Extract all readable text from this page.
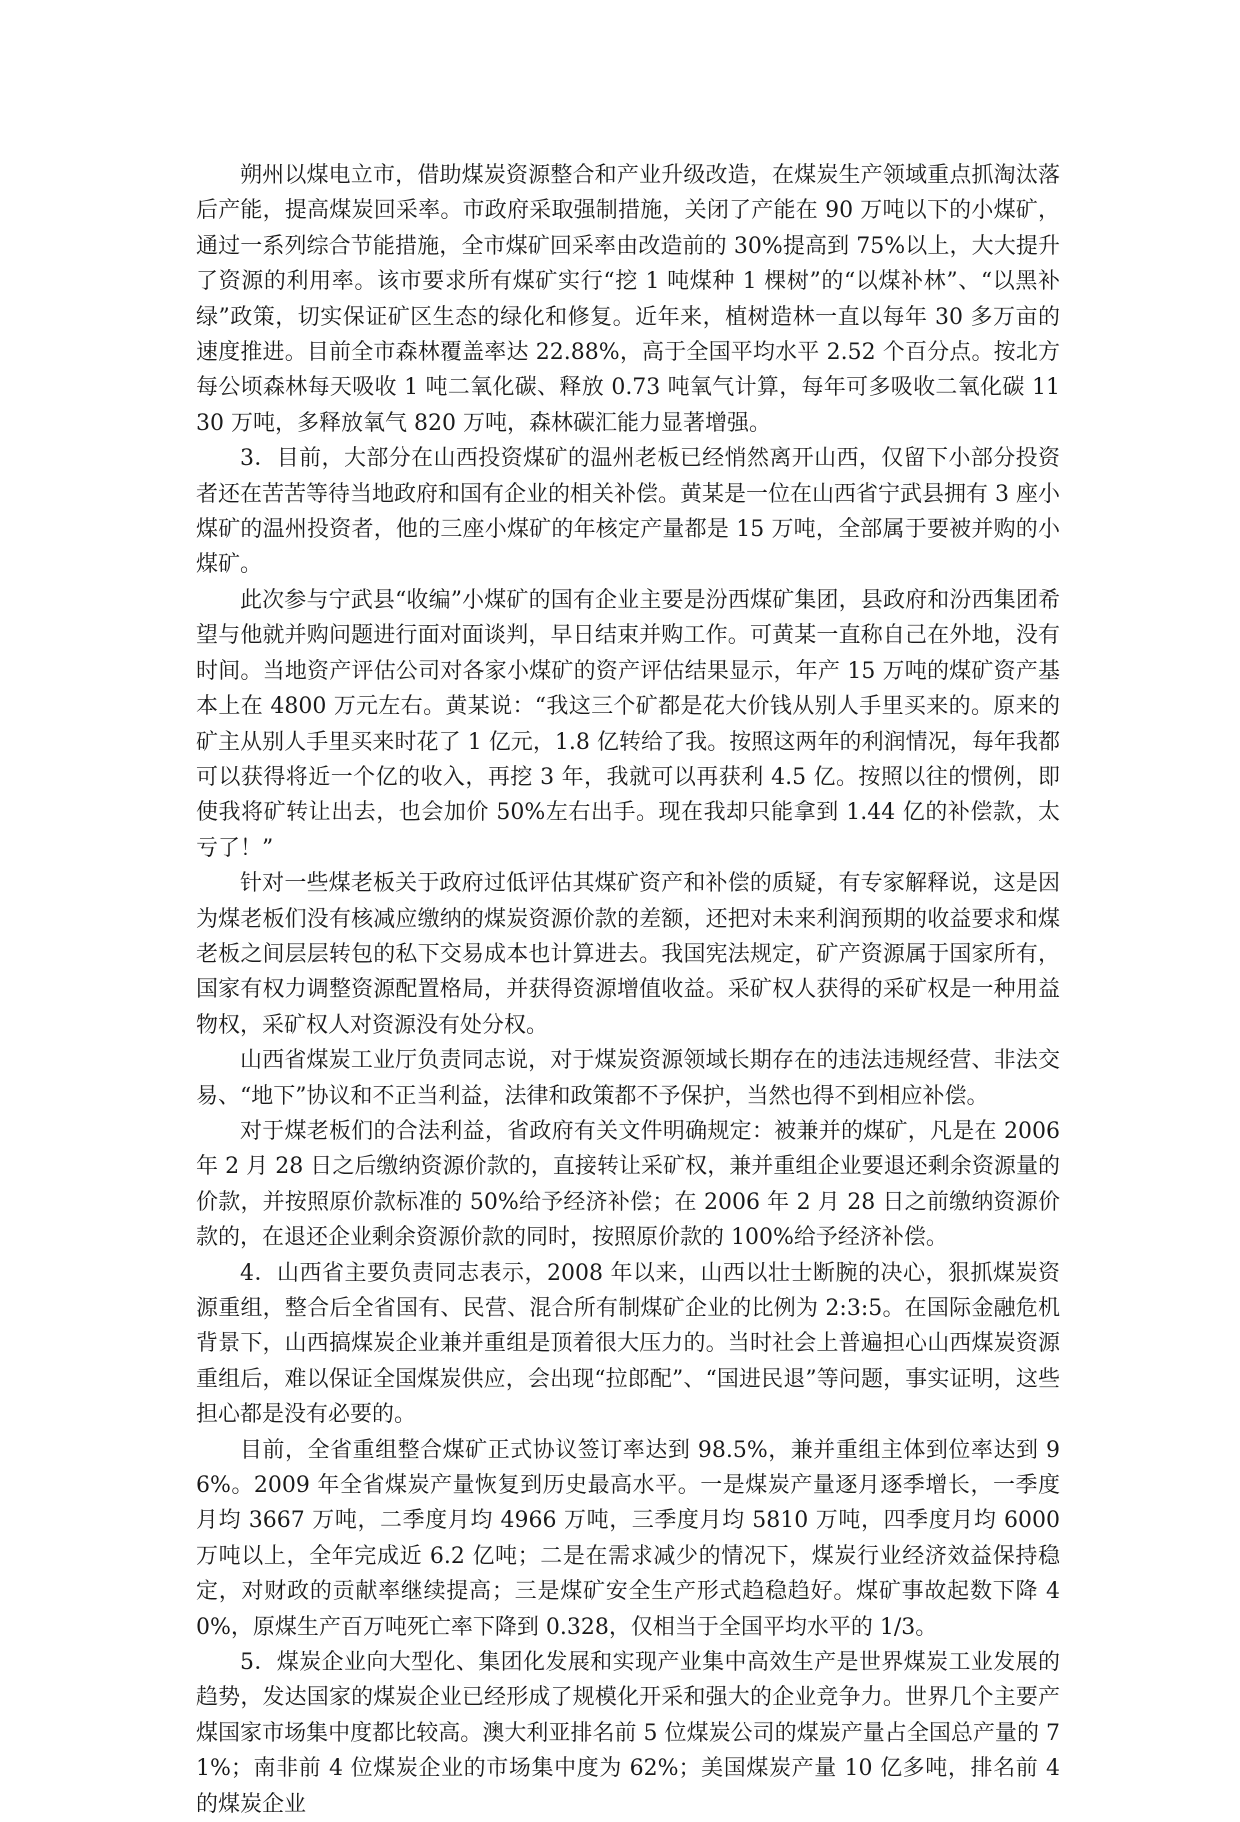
朔州以煤电立市，借助煤炭资源整合和产业升级改造，在煤炭生产领域重点抓淘汰落后产能，提高煤炭回采率。市政府采取强制措施，关闭了产能在 90 万吨以下的小煤矿，通过一系列综合节能措施，全市煤矿回采率由改造前的 30%提高到 75%以上，大大提升了资源的利用率。该市要求所有煤矿实行“挖 1 吨煤种 1 棵树”的“以煤补林”、“以黑补绿”政策，切实保证矿区生态的绿化和修复。近年来，植树造林一直以每年 30 多万亩的速度推进。目前全市森林覆盖率达 22.88%，高于全国平均水平 2.52 个百分点。按北方每公顷森林每天吸收 1 吨二氧化碳、释放 0.73 吨氧气计算，每年可多吸收二氧化碳 1130 万吨，多释放氧气 820 万吨，森林碳汇能力显著增强。

3．目前，大部分在山西投资煤矿的温州老板已经悄然离开山西，仅留下小部分投资者还在苦苦等待当地政府和国有企业的相关补偿。黄某是一位在山西省宁武县拥有 3 座小煤矿的温州投资者，他的三座小煤矿的年核定产量都是 15 万吨，全部属于要被并购的小煤矿。

此次参与宁武县“收编”小煤矿的国有企业主要是汾西煤矿集团，县政府和汾西集团希望与他就并购问题进行面对面谈判，早日结束并购工作。可黄某一直称自己在外地，没有时间。当地资产评估公司对各家小煤矿的资产评估结果显示，年产 15 万吨的煤矿资产基本上在 4800 万元左右。黄某说：“我这三个矿都是花大价钱从别人手里买来的。原来的矿主从别人手里买来时花了 1 亿元，1.8 亿转给了我。按照这两年的利润情况，每年我都可以获得将近一个亿的收入，再挖 3 年，我就可以再获利 4.5 亿。按照以往的惯例，即使我将矿转让出去，也会加价 50%左右出手。现在我却只能拿到 1.44 亿的补偿款，太亏了！”

针对一些煤老板关于政府过低评估其煤矿资产和补偿的质疑，有专家解释说，这是因为煤老板们没有核减应缴纳的煤炭资源价款的差额，还把对未来利润预期的收益要求和煤老板之间层层转包的私下交易成本也计算进去。我国宪法规定，矿产资源属于国家所有，国家有权力调整资源配置格局，并获得资源增值收益。采矿权人获得的采矿权是一种用益物权，采矿权人对资源没有处分权。

山西省煤炭工业厅负责同志说，对于煤炭资源领域长期存在的违法违规经营、非法交易、“地下”协议和不正当利益，法律和政策都不予保护，当然也得不到相应补偿。

对于煤老板们的合法利益，省政府有关文件明确规定：被兼并的煤矿，凡是在 2006 年 2 月 28 日之后缴纳资源价款的，直接转让采矿权，兼并重组企业要退还剩余资源量的价款，并按照原价款标准的 50%给予经济补偿；在 2006 年 2 月 28 日之前缴纳资源价款的，在退还企业剩余资源价款的同时，按照原价款的 100%给予经济补偿。

4．山西省主要负责同志表示，2008 年以来，山西以壮士断腕的决心，狠抓煤炭资源重组，整合后全省国有、民营、混合所有制煤矿企业的比例为 2:3:5。在国际金融危机背景下，山西搞煤炭企业兼并重组是顶着很大压力的。当时社会上普遍担心山西煤炭资源重组后，难以保证全国煤炭供应，会出现“拉郎配”、“国进民退”等问题，事实证明，这些担心都是没有必要的。

目前，全省重组整合煤矿正式协议签订率达到 98.5%，兼并重组主体到位率达到 96%。2009 年全省煤炭产量恢复到历史最高水平。一是煤炭产量逐月逐季增长，一季度月均 3667 万吨，二季度月均 4966 万吨，三季度月均 5810 万吨，四季度月均 6000 万吨以上，全年完成近 6.2 亿吨；二是在需求减少的情况下，煤炭行业经济效益保持稳定，对财政的贡献率继续提高；三是煤矿安全生产形式趋稳趋好。煤矿事故起数下降 40%，原煤生产百万吨死亡率下降到 0.328，仅相当于全国平均水平的 1/3。

5．煤炭企业向大型化、集团化发展和实现产业集中高效生产是世界煤炭工业发展的趋势，发达国家的煤炭企业已经形成了规模化开采和强大的企业竞争力。世界几个主要产煤国家市场集中度都比较高。澳大利亚排名前 5 位煤炭公司的煤炭产量占全国总产量的 71%；南非前 4 位煤炭企业的市场集中度为 62%；美国煤炭产量 10 亿多吨，排名前 4 的煤炭企业
